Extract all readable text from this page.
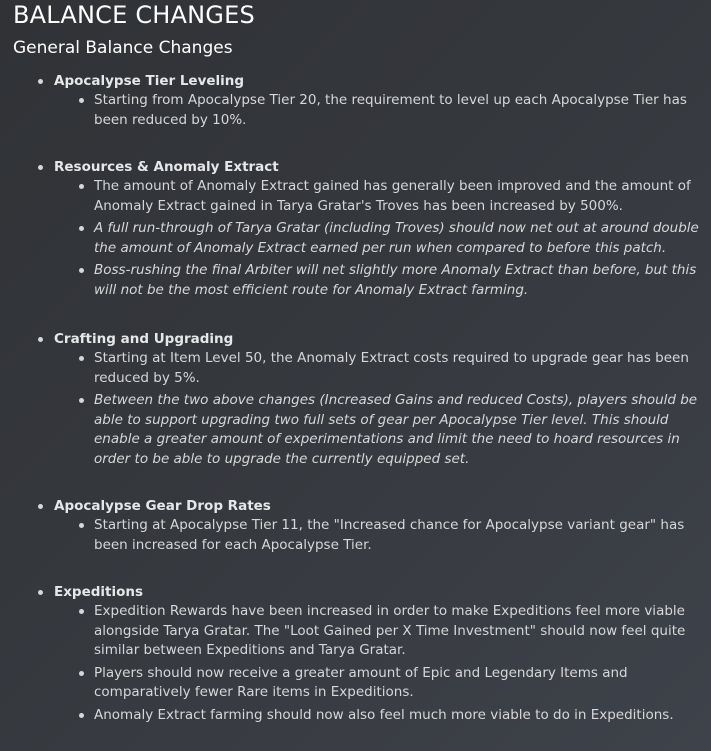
BALANCE CHANGES
General Balance Changes
Apocalypse Tier Leveling
Starting from Apocalypse Tier 20, the requirement to level up each Apocalypse Tier has been reduced by 10%.
Resources & Anomaly Extract
The amount of Anomaly Extract gained has generally been improved and the amount of Anomaly Extract gained in Tarya Gratar's Troves has been increased by 500%.
A full run-through of Tarya Gratar (including Troves) should now net out at around double the amount of Anomaly Extract earned per run when compared to before this patch.
Boss-rushing the final Arbiter will net slightly more Anomaly Extract than before, but this will not be the most efficient route for Anomaly Extract farming.
Crafting and Upgrading
Starting at Item Level 50, the Anomaly Extract costs required to upgrade gear has been reduced by 5%.
Between the two above changes (Increased Gains and reduced Costs), players should be able to support upgrading two full sets of gear per Apocalypse Tier level. This should enable a greater amount of experimentations and limit the need to hoard resources in order to be able to upgrade the currently equipped set.
Apocalypse Gear Drop Rates
Starting at Apocalypse Tier 11, the "Increased chance for Apocalypse variant gear" has been increased for each Apocalypse Tier.
Expeditions
Expedition Rewards have been increased in order to make Expeditions feel more viable alongside Tarya Gratar. The "Loot Gained per X Time Investment" should now feel quite similar between Expeditions and Tarya Gratar.
Players should now receive a greater amount of Epic and Legendary Items and comparatively fewer Rare items in Expeditions.
Anomaly Extract farming should now also feel much more viable to do in Expeditions.
